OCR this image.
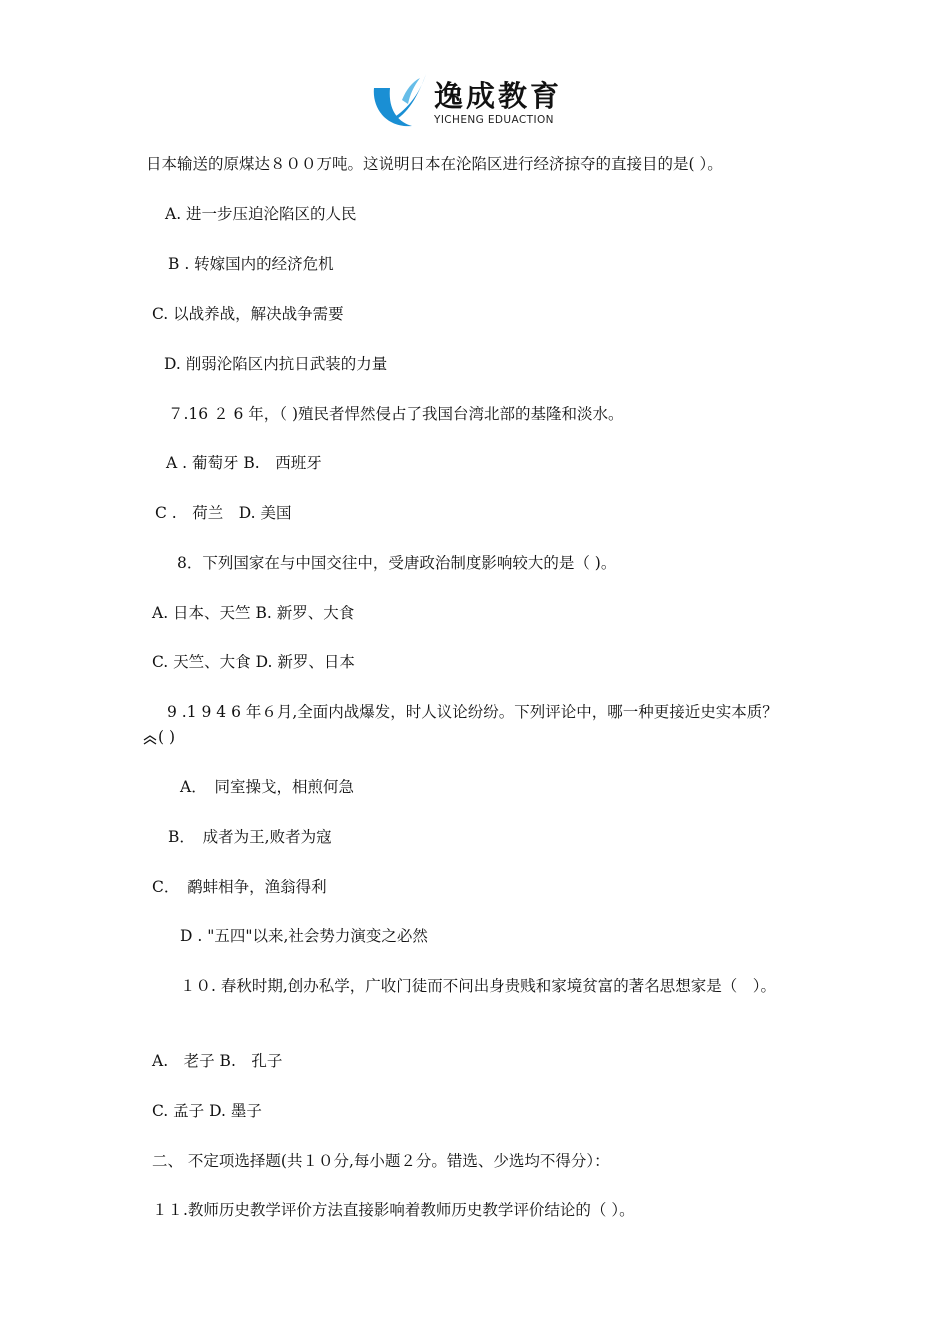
逸成教育
YICHENG EDUACTION
日本输送的原煤达８００万吨。这说明日本在沦陷区进行经济掠夺的直接目的是( ）。
A. 进一步压迫沦陷区的人民
B . 转嫁国内的经济危机
C. 以战养战，解决战争需要
D. 削弱沦陷区内抗日武装的力量
７.16 ２ 6 年，（ )殖民者悍然侵占了我国台湾北部的基隆和淡水。
A . 葡萄牙 B.　西班牙
C .　荷兰　D. 美国
8．下列国家在与中国交往中，受唐政治制度影响较大的是（ )。
A. 日本、天竺 B. 新罗、大食
C. 天竺、大食 D. 新罗、日本
9 .1 9 4 6 年６月,全面内战爆发，时人议论纷纷。下列评论中，哪一种更接近史实本质？
( )
A．　同室操戈，相煎何急
B．　成者为王,败者为寇
C．　鹬蚌相争，渔翁得利
D . "五四"以来,社会势力演变之必然
１０. 春秋时期,创办私学，广收门徒而不问出身贵贱和家境贫富的著名思想家是（　）。
A.　老子 B.　孔子
C. 孟子 D. 墨子
二、 不定项选择题(共１０分,每小题２分。错选、少选均不得分）：
１１.教师历史教学评价方法直接影响着教师历史教学评价结论的（ ）。
